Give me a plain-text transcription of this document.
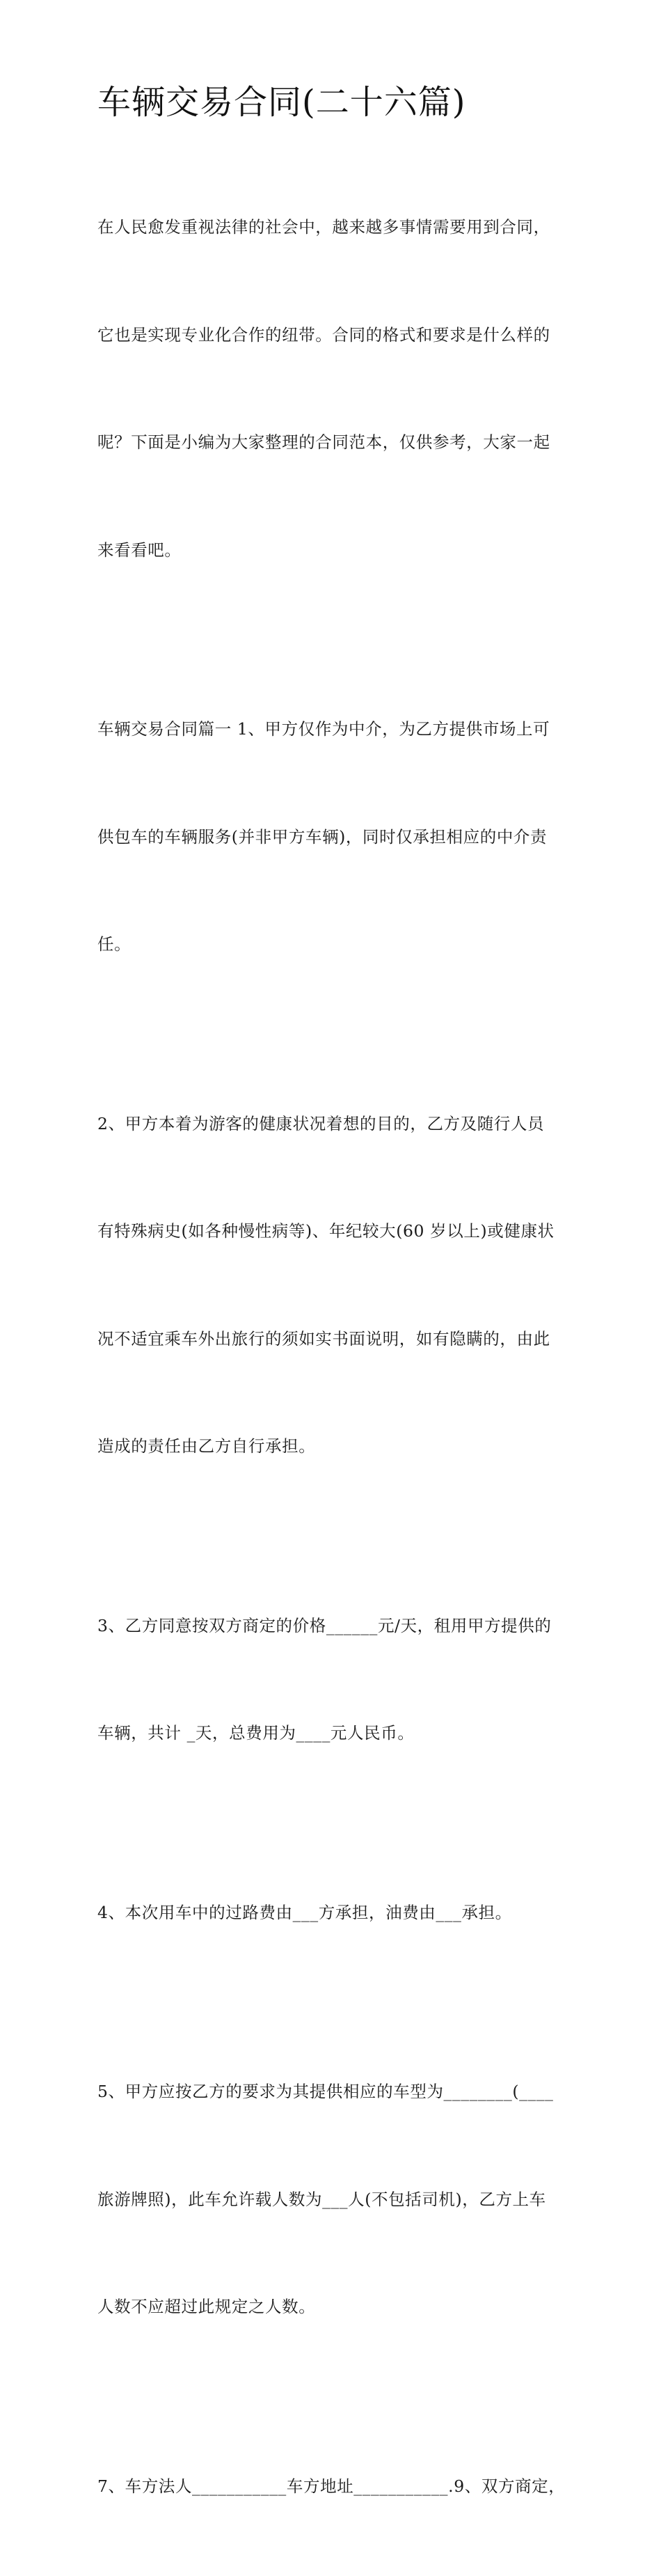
车辆交易合同(二十六篇)

在人民愈发重视法律的社会中，越来越多事情需要用到合同，

它也是实现专业化合作的纽带。合同的格式和要求是什么样的

呢？下面是小编为大家整理的合同范本，仅供参考，大家一起

来看看吧。

车辆交易合同篇一 1、甲方仅作为中介，为乙方提供市场上可

供包车的车辆服务(并非甲方车辆)，同时仅承担相应的中介责

任。

2、甲方本着为游客的健康状况着想的目的，乙方及随行人员

有特殊病史(如各种慢性病等)、年纪较大(60 岁以上)或健康状

况不适宜乘车外出旅行的须如实书面说明，如有隐瞒的，由此

造成的责任由乙方自行承担。

3、乙方同意按双方商定的价格______元/天，租用甲方提供的

车辆，共计 _天，总费用为____元人民币。

4、本次用车中的过路费由___方承担，油费由___承担。

5、甲方应按乙方的要求为其提供相应的车型为________(____

旅游牌照)，此车允许载人数为___人(不包括司机)，乙方上车

人数不应超过此规定之人数。

7、车方法人___________车方地址___________.9、双方商定，
